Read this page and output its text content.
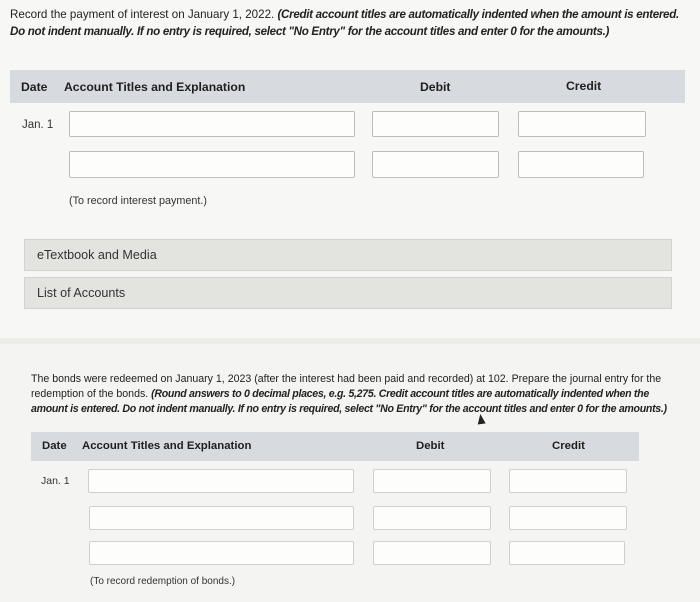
Record the payment of interest on January 1, 2022. (Credit account titles are automatically indented when the amount is entered. Do not indent manually. If no entry is required, select "No Entry" for the account titles and enter 0 for the amounts.)
Date Account Titles and Explanation	Debit	Credit
Jan. 1
(To record interest payment.)
eTextbook and Media
List of Accounts
The bonds were redeemed on January 1, 2023 (after the interest had been paid and recorded) at 102. Prepare the journal entry for the redemption of the bonds. (Round answers to 0 decimal places, e.g. 5,275. Credit account titles are automatically indented when the amount is entered. Do not indent manually. If no entry is required, select "No Entry" for the account titles and enter 0 for the amounts.)
Date Account Titles and Explanation	Debit	Credit
Jan. 1
(To record redemption of bonds.)
